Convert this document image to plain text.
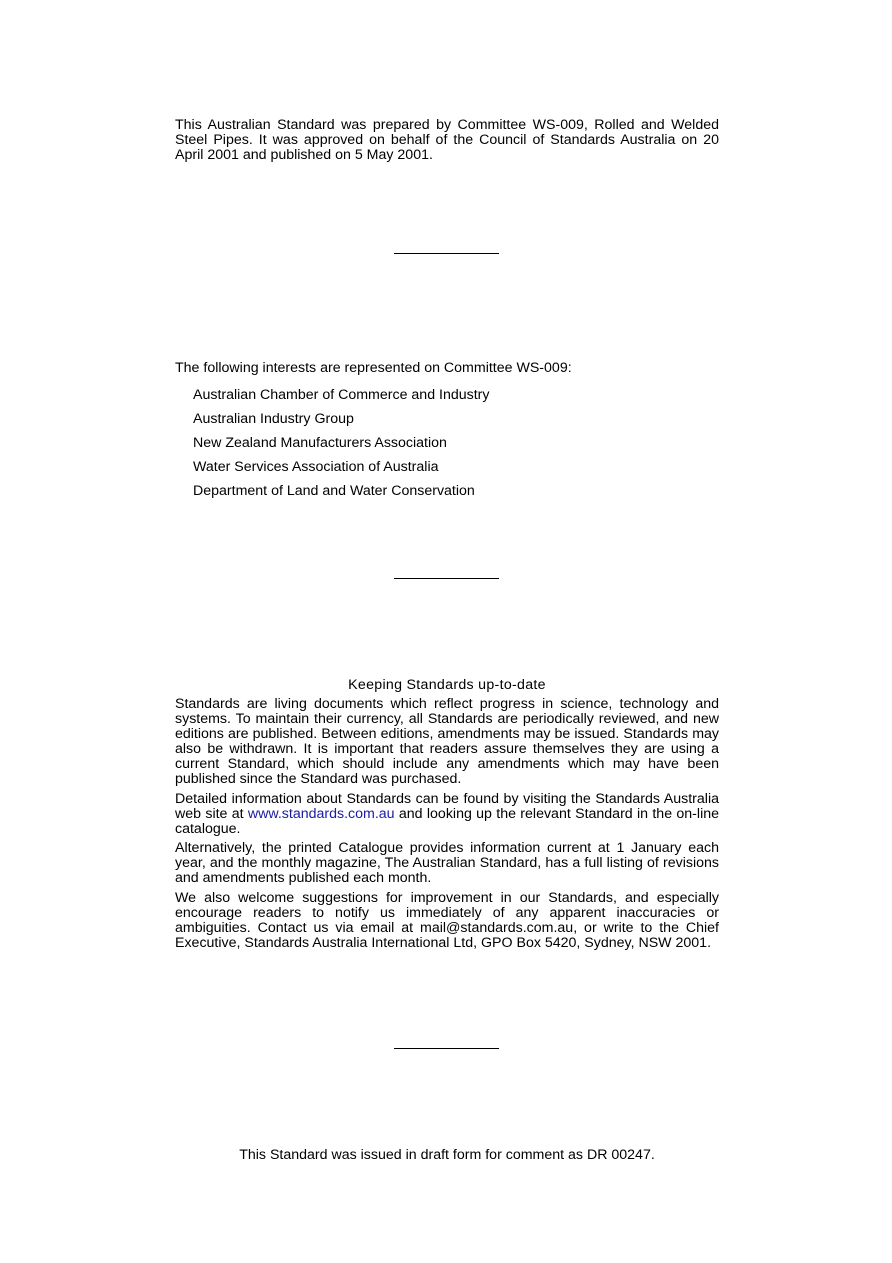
This Australian Standard was prepared by Committee WS-009, Rolled and Welded Steel Pipes. It was approved on behalf of the Council of Standards Australia on 20 April 2001 and published on 5 May 2001.

The following interests are represented on Committee WS-009:
Australian Chamber of Commerce and Industry
Australian Industry Group
New Zealand Manufacturers Association
Water Services Association of Australia
Department of Land and Water Conservation
Keeping Standards up-to-date

Standards are living documents which reflect progress in science, technology and systems. To maintain their currency, all Standards are periodically reviewed, and new editions are published. Between editions, amendments may be issued. Standards may also be withdrawn. It is important that readers assure themselves they are using a current Standard, which should include any amendments which may have been published since the Standard was purchased.

Detailed information about Standards can be found by visiting the Standards Australia web site at www.standards.com.au and looking up the relevant Standard in the on-line catalogue.

Alternatively, the printed Catalogue provides information current at 1 January each year, and the monthly magazine, The Australian Standard, has a full listing of revisions and amendments published each month.

We also welcome suggestions for improvement in our Standards, and especially encourage readers to notify us immediately of any apparent inaccuracies or ambiguities. Contact us via email at mail@standards.com.au, or write to the Chief Executive, Standards Australia International Ltd, GPO Box 5420, Sydney, NSW 2001.

This Standard was issued in draft form for comment as DR 00247.
